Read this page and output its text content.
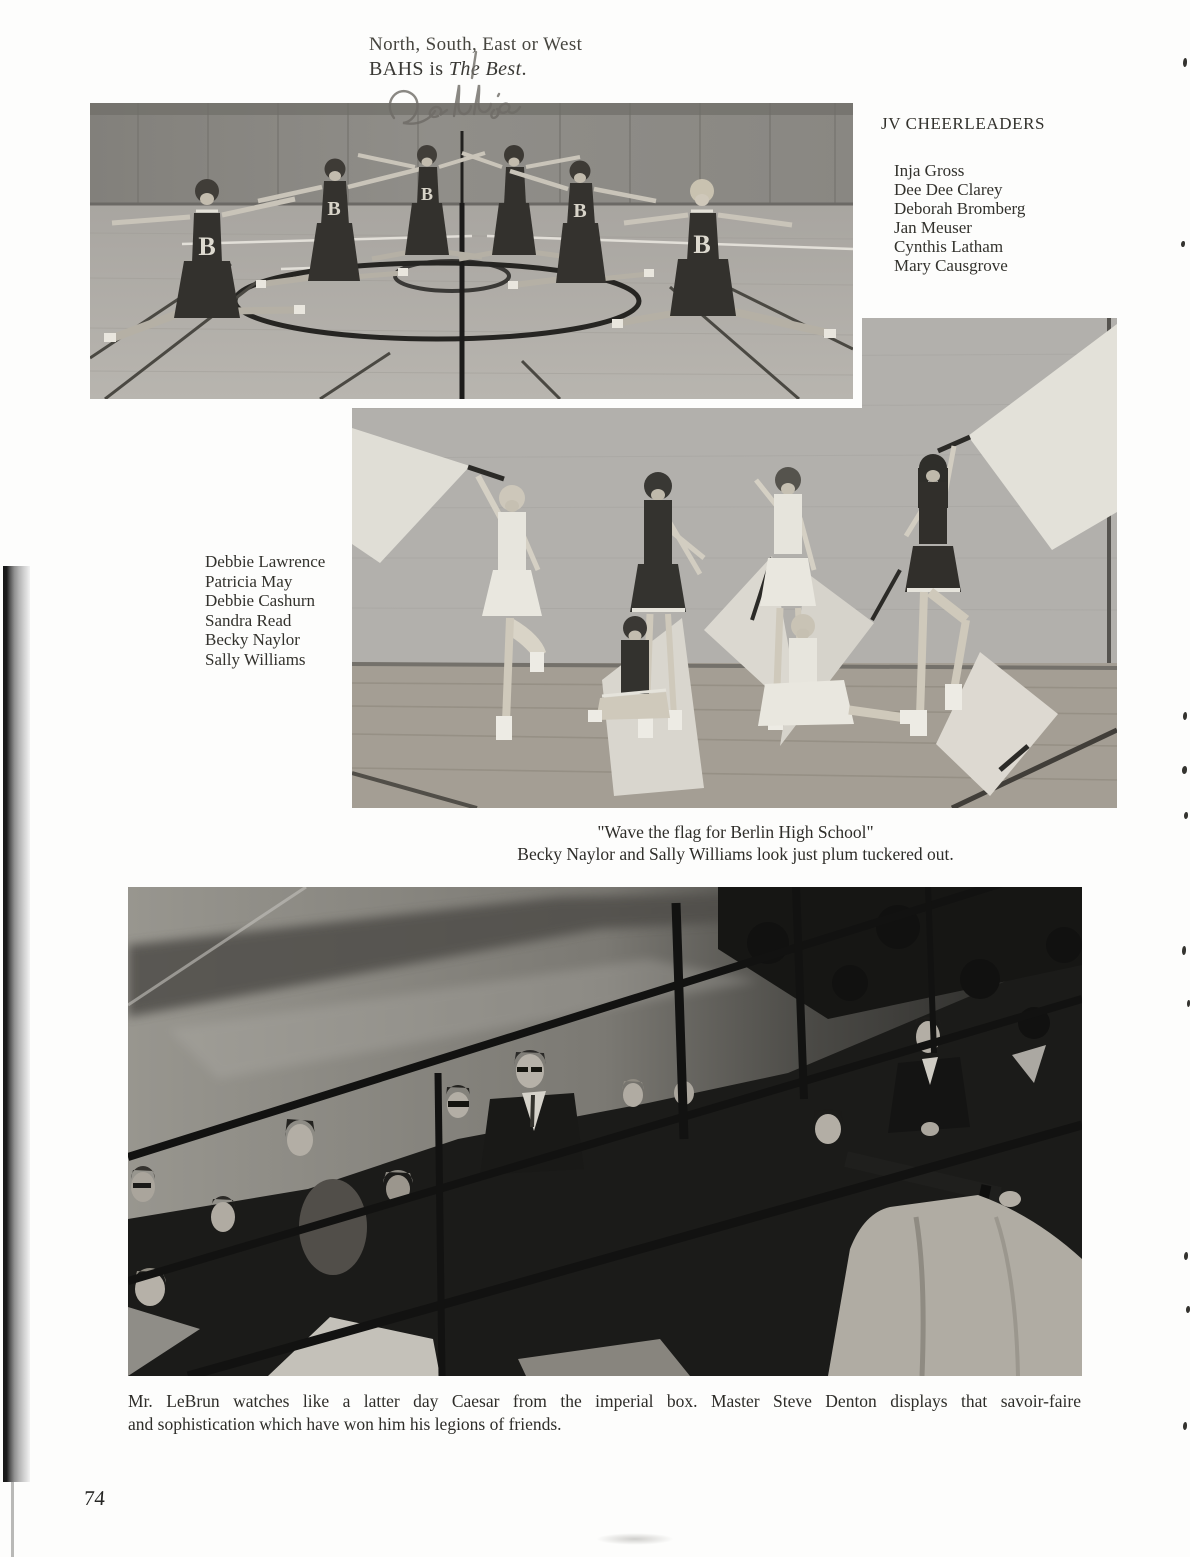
North, South, East or West
BAHS is The Best.
B
B
B
B
B
JV CHEERLEADERS
Inja Gross
Dee Dee Clarey
Deborah Bromberg
Jan Meuser
Cynthis Latham
Mary Causgrove
Debbie Lawrence
Patricia May
Debbie Cashurn
Sandra Read
Becky Naylor
Sally Williams
"Wave the flag for Berlin High School"
Becky Naylor and Sally Williams look just plum tuckered out.
Mr. LeBrun watches like a latter day Caesar from the imperial box. Master Steve Denton displays that savoir-faire
and sophistication which have won him his legions of friends.
74
